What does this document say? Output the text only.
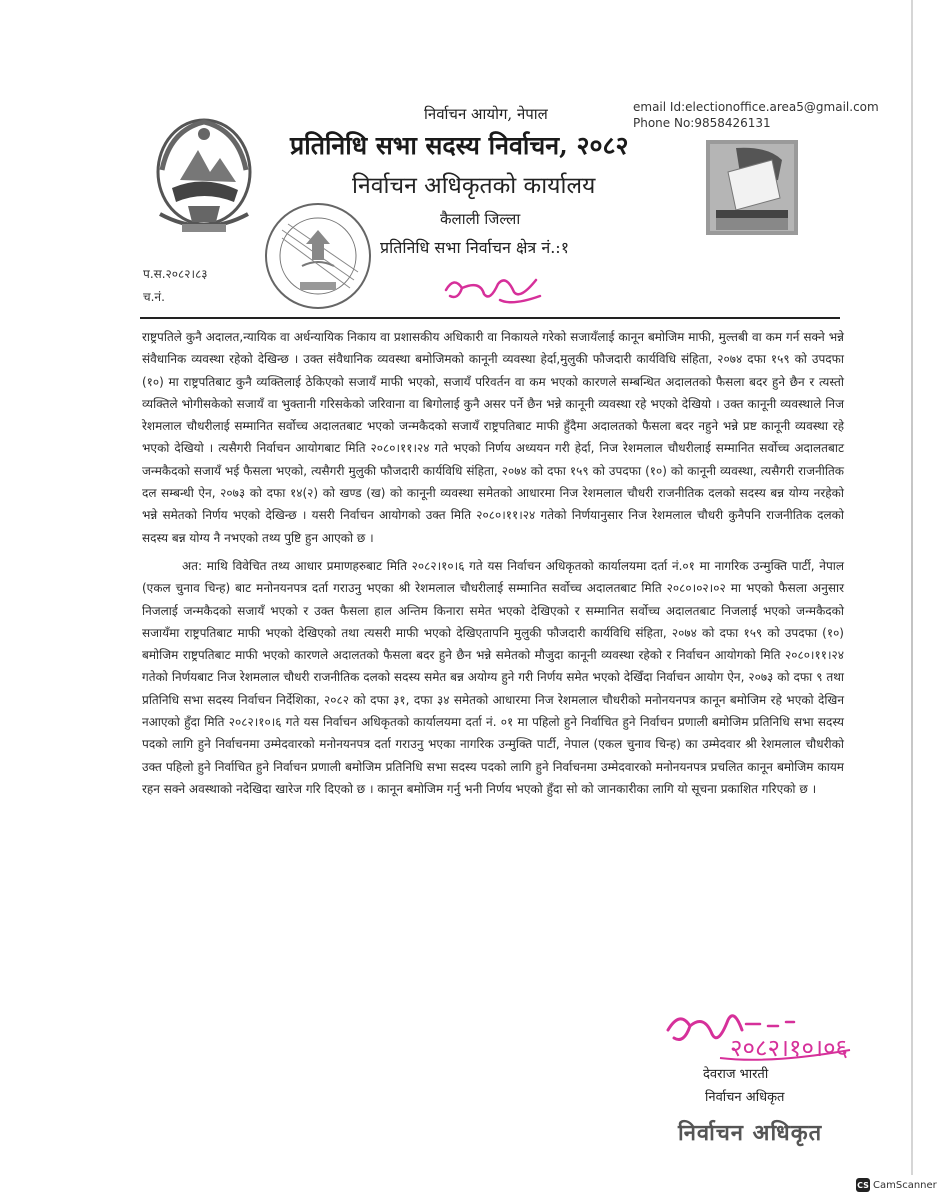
निर्वाचन आयोग, नेपाल
प्रतिनिधि सभा सदस्य निर्वाचन, २०८२
निर्वाचन अधिकृतको कार्यालय
कैलाली जिल्ला
प्रतिनिधि सभा निर्वाचन क्षेत्र नं.:१
email Id:electionoffice.area5@gmail.com
Phone No:9858426131
प.स.२०८२।८३
च.नं.

राष्ट्रपतिले कुनै अदालत,न्यायिक वा अर्धन्यायिक निकाय वा प्रशासकीय अधिकारी वा निकायले गरेको सजायँलाई कानून बमोजिम माफी, मुल्तबी वा कम गर्न सक्ने भन्ने संवैधानिक व्यवस्था रहेको देखिन्छ । उक्त संवैधानिक व्यवस्था बमोजिमको कानूनी व्यवस्था हेर्दा,मुलुकी फौजदारी कार्यविधि संहिता, २०७४ दफा १५९ को उपदफा (१०) मा राष्ट्रपतिबाट कुनै व्यक्तिलाई ठेकिएको सजायँ माफी भएको, सजायँ परिवर्तन वा कम भएको कारणले सम्बन्धित अदालतको फैसला बदर हुने छैन र त्यस्तो व्यक्तिले भोगीसकेको सजायँ वा भुक्तानी गरिसकेको जरिवाना वा बिगोलाई कुनै असर पर्ने छैन भन्ने कानूनी व्यवस्था रहे भएको देखियो । उक्त कानूनी व्यवस्थाले निज रेशमलाल चौधरीलाई सम्मानित सर्वोच्च अदालतबाट भएको जन्मकैदको सजायँ राष्ट्रपतिबाट माफी हुँदैमा अदालतको फैसला बदर नहुने भन्ने प्रष्ट कानूनी व्यवस्था रहे भएको देखियो । त्यसैगरी निर्वाचन आयोगबाट मिति २०८०।११।२४ गते भएको निर्णय अध्ययन गरी हेर्दा, निज रेशमलाल चौधरीलाई सम्मानित सर्वोच्च अदालतबाट जन्मकैदको सजायँ भई फैसला भएको, त्यसैगरी मुलुकी फौजदारी कार्यविधि संहिता, २०७४ को दफा १५९ को उपदफा (१०) को कानूनी व्यवस्था, त्यसैगरी राजनीतिक दल सम्बन्धी ऐन, २०७३ को दफा १४(२) को खण्ड (ख) को कानूनी व्यवस्था समेतको आधारमा निज रेशमलाल चौधरी राजनीतिक दलको सदस्य बन्न योग्य नरहेको भन्ने समेतको निर्णय भएको देखिन्छ । यसरी निर्वाचन आयोगको उक्त मिति २०८०।११।२४ गतेको निर्णयानुसार निज रेशमलाल चौधरी कुनैपनि राजनीतिक दलको सदस्य बन्न योग्य नै नभएको तथ्य पुष्टि हुन आएको छ ।

अत: माथि विवेचित तथ्य आधार प्रमाणहरुबाट मिति २०८२।१०।६ गते यस निर्वाचन अधिकृतको कार्यालयमा दर्ता नं.०१ मा नागरिक उन्मुक्ति पार्टी, नेपाल (एकल चुनाव चिन्ह) बाट मनोनयनपत्र दर्ता गराउनु भएका श्री रेशमलाल चौधरीलाई सम्मानित सर्वोच्च अदालतबाट मिति २०८०।०२।०२ मा भएको फैसला अनुसार निजलाई जन्मकैदको सजायँ भएको र उक्त फैसला हाल अन्तिम किनारा समेत भएको देखिएको र सम्मानित सर्वोच्च अदालतबाट निजलाई भएको जन्मकैदको सजायँमा राष्ट्रपतिबाट माफी भएको देखिएको तथा त्यसरी माफी भएको देखिएतापनि मुलुकी फौजदारी कार्यविधि संहिता, २०७४ को दफा १५९ को उपदफा (१०) बमोजिम राष्ट्रपतिबाट माफी भएको कारणले अदालतको फैसला बदर हुने छैन भन्ने समेतको मौजुदा कानूनी व्यवस्था रहेको र निर्वाचन आयोगको मिति २०८०।११।२४ गतेको निर्णयबाट निज रेशमलाल चौधरी राजनीतिक दलको सदस्य समेत बन्न अयोग्य हुने गरी निर्णय समेत भएको देखिँदा निर्वाचन आयोग ऐन, २०७३ को दफा ९ तथा प्रतिनिधि सभा सदस्य निर्वाचन निर्देशिका, २०८२ को दफा ३१, दफा ३४ समेतको आधारमा निज रेशमलाल चौधरीको मनोनयनपत्र कानून बमोजिम रहे भएको देखिन नआएको हुँदा मिति २०८२।१०।६ गते यस निर्वाचन अधिकृतको कार्यालयमा दर्ता नं. ०१ मा पहिलो हुने निर्वाचित हुने निर्वाचन प्रणाली बमोजिम प्रतिनिधि सभा सदस्य पदको लागि हुने निर्वाचनमा उम्मेदवारको मनोनयनपत्र दर्ता गराउनु भएका नागरिक उन्मुक्ति पार्टी, नेपाल (एकल चुनाव चिन्ह) का उम्मेदवार श्री रेशमलाल चौधरीको उक्त पहिलो हुने निर्वाचित हुने निर्वाचन प्रणाली बमोजिम प्रतिनिधि सभा सदस्य पदको लागि हुने निर्वाचनमा उम्मेदवारको मनोनयनपत्र प्रचलित कानून बमोजिम कायम रहन सक्ने अवस्थाको नदेखिदा खारेज गरि दिएको छ । कानून बमोजिम गर्नु भनी निर्णय भएको हुँदा सो को जानकारीका लागि यो सूचना प्रकाशित गरिएको छ ।

२०८२।१०।०६
देवराज भारती
निर्वाचन अधिकृत
निर्वाचन अधिकृत
CS CamScanner
